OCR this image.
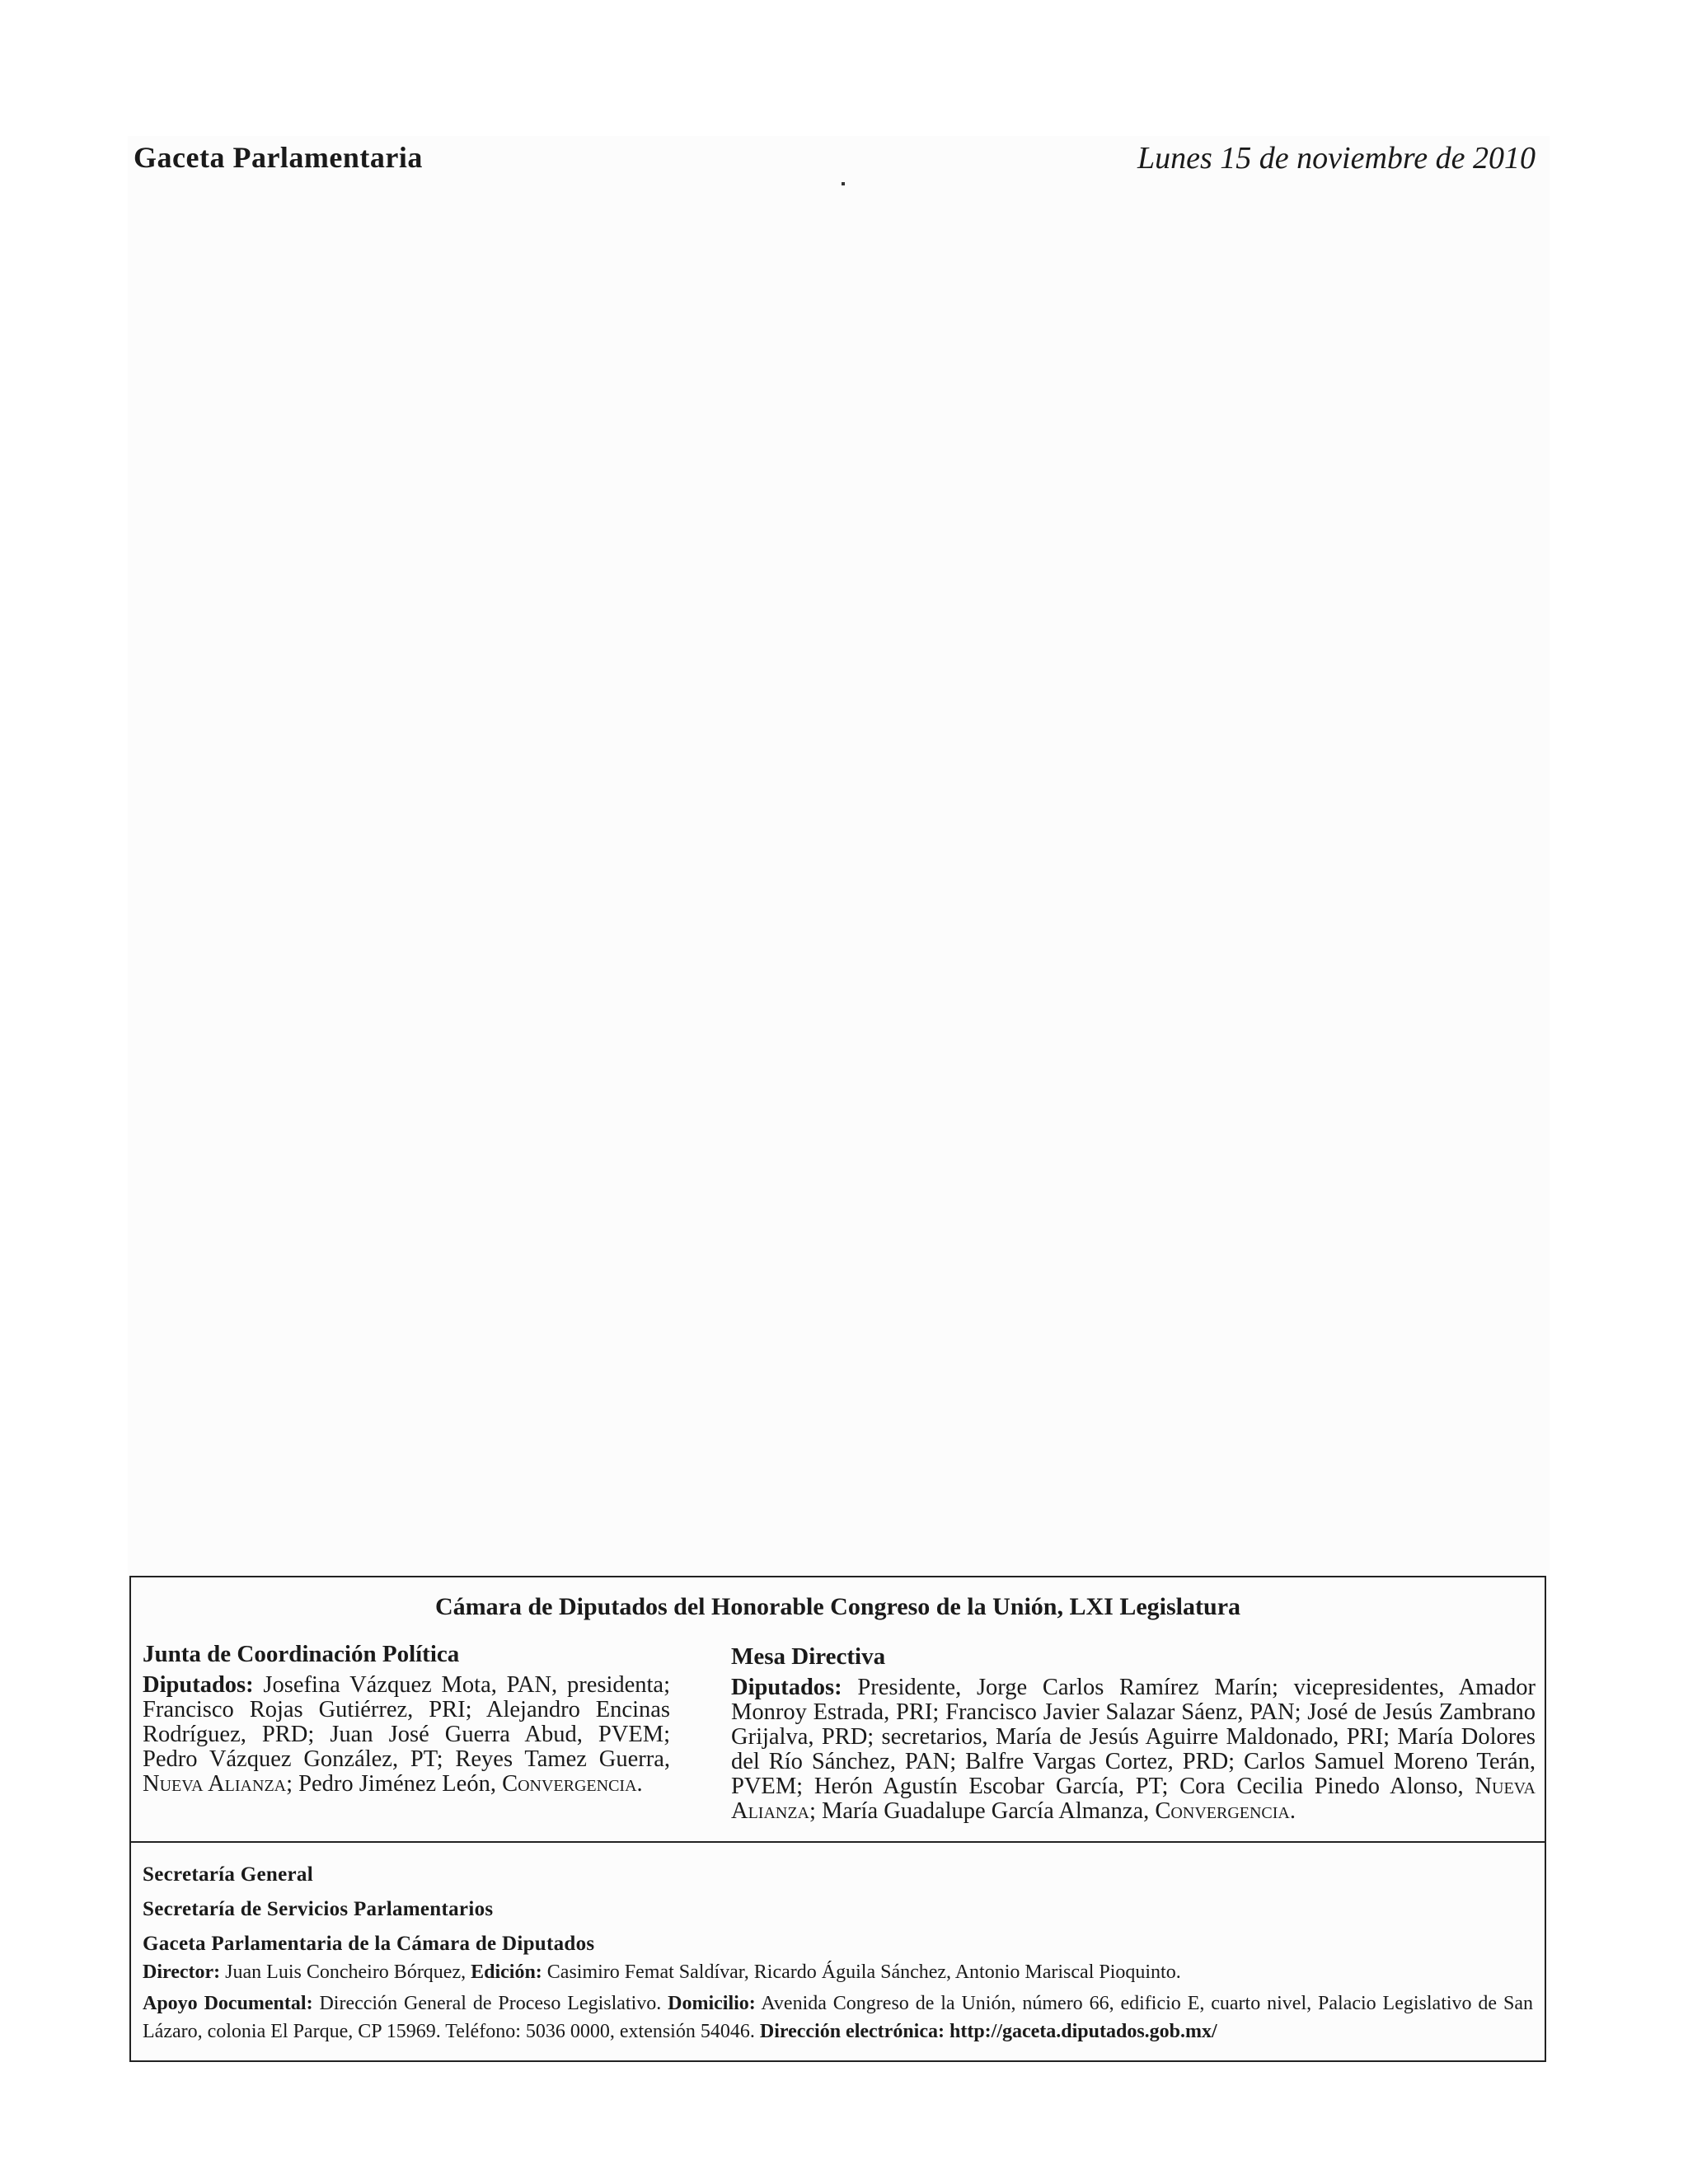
Gaceta Parlamentaria	Lunes 15 de noviembre de 2010
Cámara de Diputados del Honorable Congreso de la Unión, LXI Legislatura
Junta de Coordinación Política
Diputados: Josefina Vázquez Mota, PAN, presidenta; Francisco Rojas Gutiérrez, PRI; Alejandro Encinas Rodríguez, PRD; Juan José Guerra Abud, PVEM; Pedro Vázquez González, PT; Reyes Tamez Guerra, Nueva Alianza; Pedro Jiménez León, Convergencia.
Mesa Directiva
Diputados: Presidente, Jorge Carlos Ramírez Marín; vicepresidentes, Amador Monroy Estrada, PRI; Francisco Javier Salazar Sáenz, PAN; José de Jesús Zambrano Grijalva, PRD; secretarios, María de Jesús Aguirre Maldonado, PRI; María Dolores del Río Sánchez, PAN; Balfre Vargas Cortez, PRD; Carlos Samuel Moreno Terán, PVEM; Herón Agustín Escobar García, PT; Cora Cecilia Pinedo Alonso, Nueva Alianza; María Guadalupe García Almanza, Convergencia.
Secretaría General
Secretaría de Servicios Parlamentarios
Gaceta Parlamentaria de la Cámara de Diputados
Director: Juan Luis Concheiro Bórquez, Edición: Casimiro Femat Saldívar, Ricardo Águila Sánchez, Antonio Mariscal Pioquinto.
Apoyo Documental: Dirección General de Proceso Legislativo. Domicilio: Avenida Congreso de la Unión, número 66, edificio E, cuarto nivel, Palacio Legislativo de San Lázaro, colonia El Parque, CP 15969. Teléfono: 5036 0000, extensión 54046. Dirección electrónica: http://gaceta.diputados.gob.mx/
